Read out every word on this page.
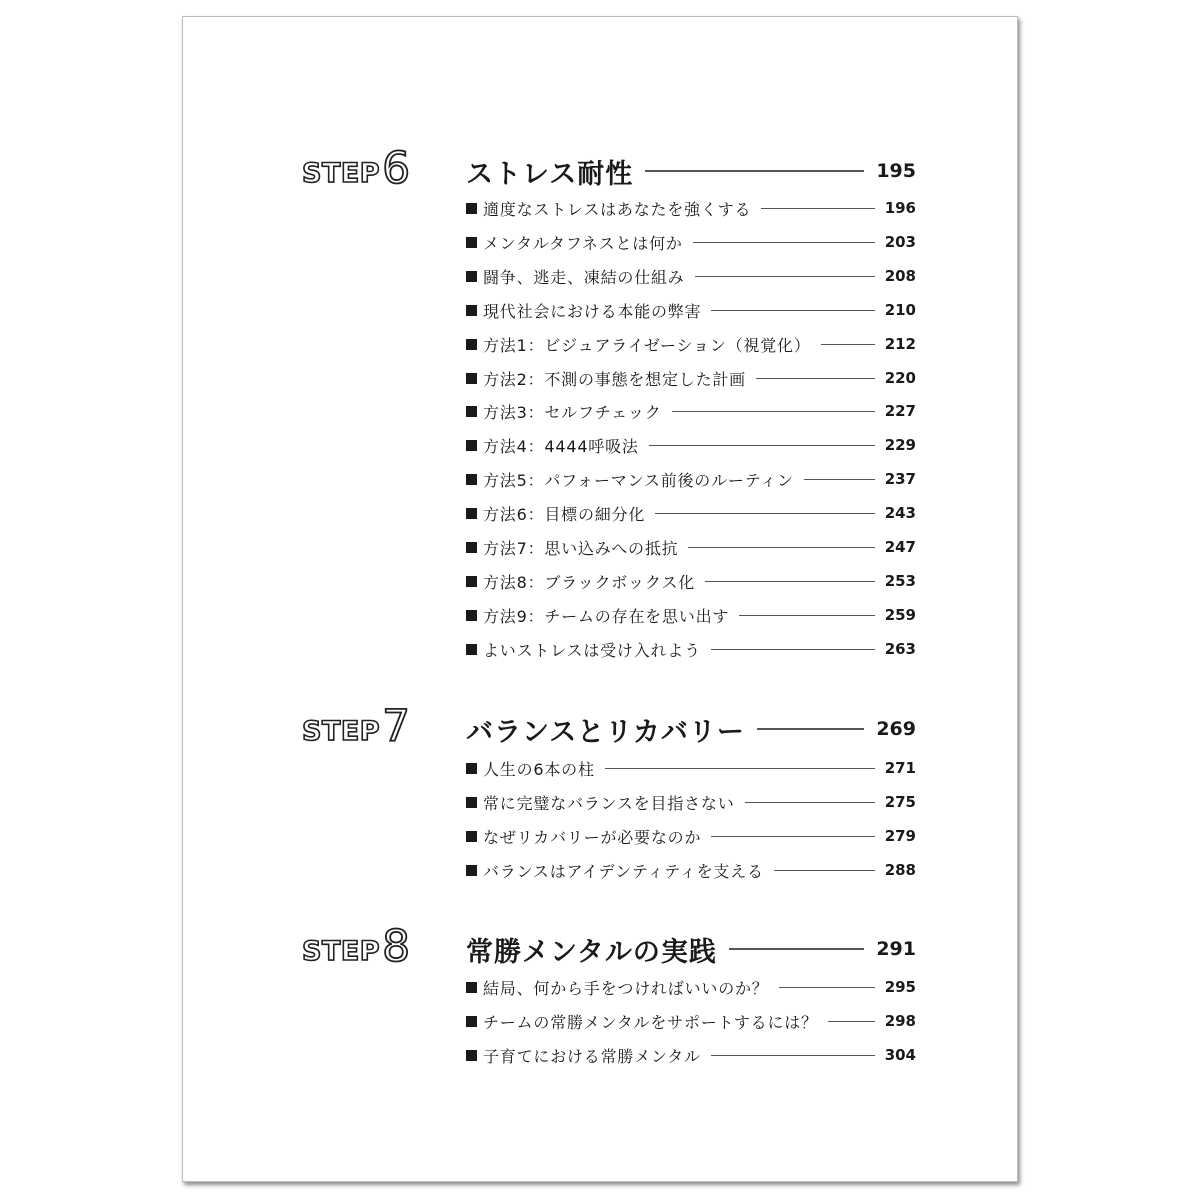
STEP 6 ストレス耐性	195
適度なストレスはあなたを強くする	196
メンタルタフネスとは何か	203
闘争、逃走、凍結の仕組み	208
現代社会における本能の弊害	210
方法1：ビジュアライゼーション（視覚化）	212
方法2：不測の事態を想定した計画	220
方法3：セルフチェック	227
方法4：4444呼吸法	229
方法5：パフォーマンス前後のルーティン	237
方法6：目標の細分化	243
方法7：思い込みへの抵抗	247
方法8：ブラックボックス化	253
方法9：チームの存在を思い出す	259
よいストレスは受け入れよう	263
STEP 7 バランスとリカバリー	269
人生の6本の柱	271
常に完璧なバランスを目指さない	275
なぜリカバリーが必要なのか	279
バランスはアイデンティティを支える	288
STEP 8 常勝メンタルの実践	291
結局、何から手をつければいいのか？	295
チームの常勝メンタルをサポートするには？	298
子育てにおける常勝メンタル	304
